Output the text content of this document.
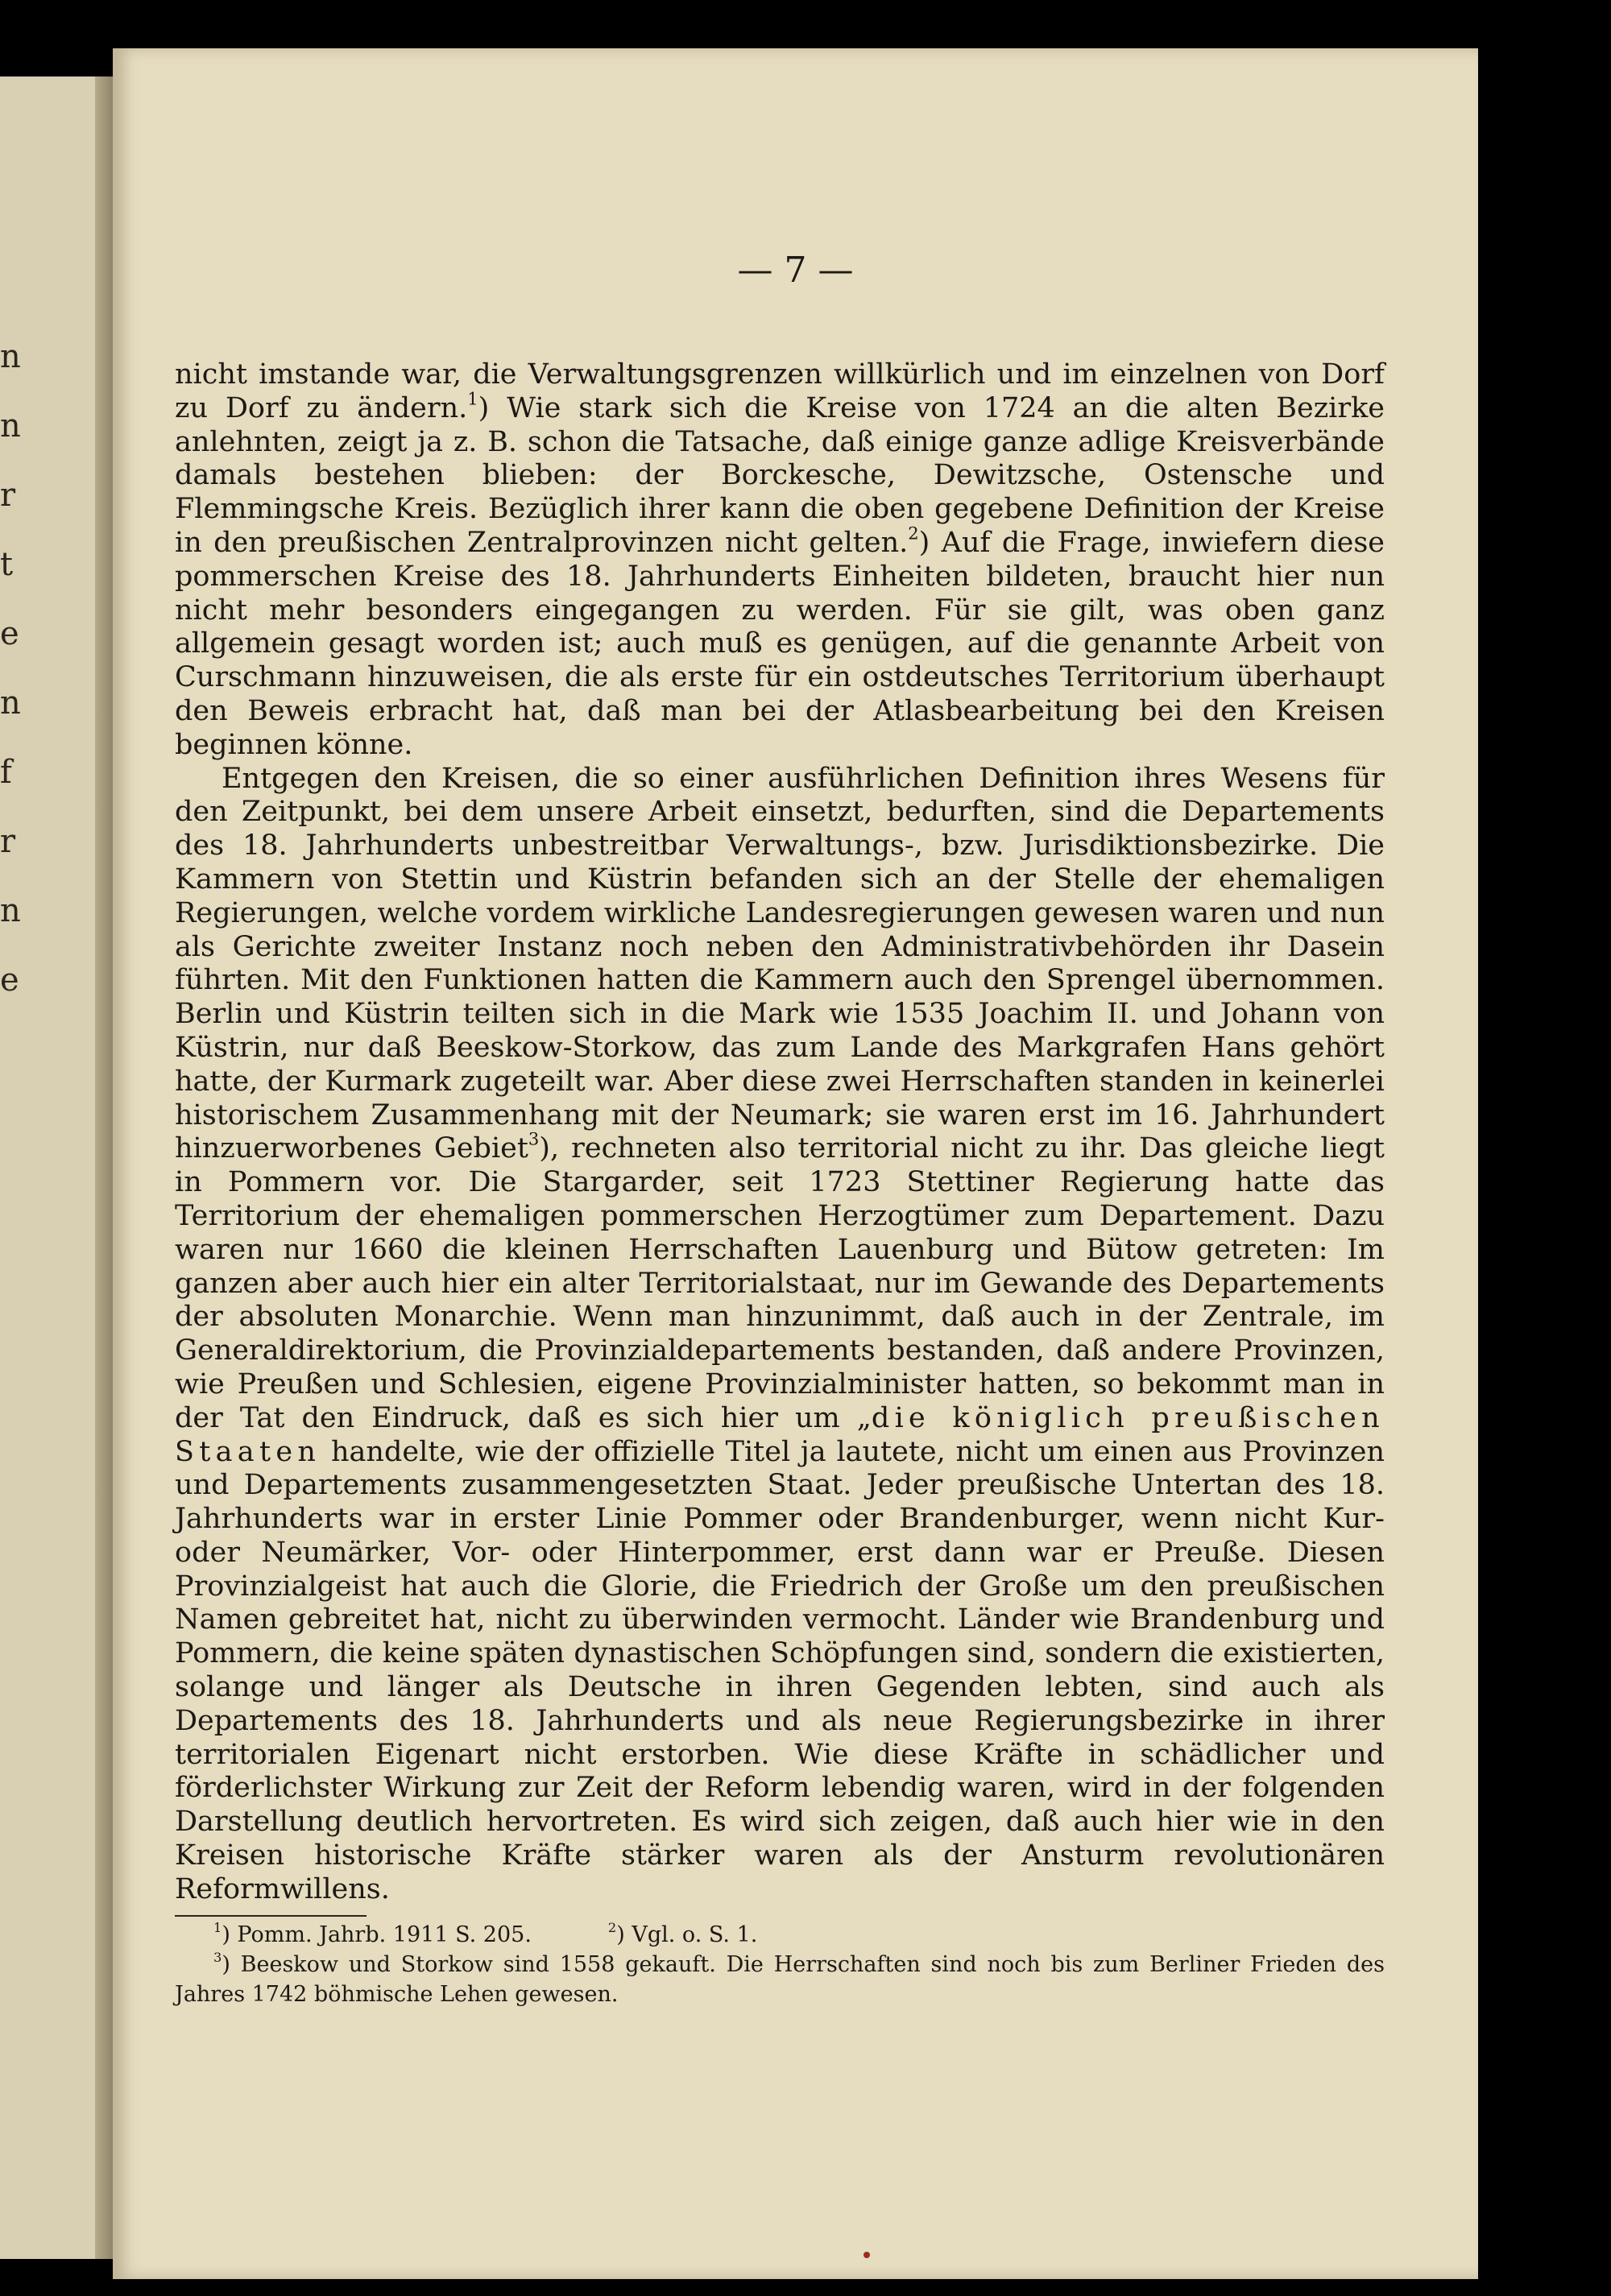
n
n
r
t
e
n
f
r
n
e
— 7 —

nicht imstande war, die Verwaltungsgrenzen willkürlich und im einzelnen von Dorf zu Dorf zu ändern.$^1$) Wie stark sich die Kreise von 1724 an die alten Bezirke anlehnten, zeigt ja z. B. schon die Tatsache, daß einige ganze adlige Kreisverbände damals bestehen blieben: der Borckesche, Dewitzsche, Ostensche und Flemmingsche Kreis. Bezüglich ihrer kann die oben gegebene Definition der Kreise in den preußischen Zentralprovinzen nicht gelten.$^2$) Auf die Frage, inwiefern diese pommerschen Kreise des 18. Jahrhunderts Einheiten bildeten, braucht hier nun nicht mehr besonders eingegangen zu werden. Für sie gilt, was oben ganz allgemein gesagt worden ist; auch muß es genügen, auf die genannte Arbeit von Curschmann hinzuweisen, die als erste für ein ostdeutsches Territorium überhaupt den Beweis erbracht hat, daß man bei der Atlasbearbeitung bei den Kreisen beginnen könne.

Entgegen den Kreisen, die so einer ausführlichen Definition ihres Wesens für den Zeitpunkt, bei dem unsere Arbeit einsetzt, bedurften, sind die Departements des 18. Jahrhunderts unbestreitbar Verwaltungs-, bzw. Jurisdiktionsbezirke. Die Kammern von Stettin und Küstrin befanden sich an der Stelle der ehemaligen Regierungen, welche vordem wirkliche Landesregierungen gewesen waren und nun als Gerichte zweiter Instanz noch neben den Administrativbehörden ihr Dasein führten. Mit den Funktionen hatten die Kammern auch den Sprengel übernommen. Berlin und Küstrin teilten sich in die Mark wie 1535 Joachim II. und Johann von Küstrin, nur daß Beeskow-Storkow, das zum Lande des Markgrafen Hans gehört hatte, der Kurmark zugeteilt war. Aber diese zwei Herrschaften standen in keinerlei historischem Zusammenhang mit der Neumark; sie waren erst im 16. Jahrhundert hinzuerworbenes Gebiet$^3$), rechneten also territorial nicht zu ihr. Das gleiche liegt in Pommern vor. Die Stargarder, seit 1723 Stettiner Regierung hatte das Territorium der ehemaligen pommerschen Herzogtümer zum Departement. Dazu waren nur 1660 die kleinen Herrschaften Lauenburg und Bütow getreten: Im ganzen aber auch hier ein alter Territorialstaat, nur im Gewande des Departements der absoluten Monarchie. Wenn man hinzunimmt, daß auch in der Zentrale, im Generaldirektorium, die Provinzialdepartements bestanden, daß andere Provinzen, wie Preußen und Schlesien, eigene Provinzialminister hatten, so bekommt man in der Tat den Eindruck, daß es sich hier um „die königlich preußischen Staaten handelte, wie der offizielle Titel ja lautete, nicht um einen aus Provinzen und Departements zusammengesetzten Staat. Jeder preußische Untertan des 18. Jahrhunderts war in erster Linie Pommer oder Brandenburger, wenn nicht Kur- oder Neumärker, Vor- oder Hinterpommer, erst dann war er Preuße. Diesen Provinzialgeist hat auch die Glorie, die Friedrich der Große um den preußischen Namen gebreitet hat, nicht zu überwinden vermocht. Länder wie Brandenburg und Pommern, die keine späten dynastischen Schöpfungen sind, sondern die existierten, solange und länger als Deutsche in ihren Gegenden lebten, sind auch als Departements des 18. Jahrhunderts und als neue Regierungsbezirke in ihrer territorialen Eigenart nicht erstorben. Wie diese Kräfte in schädlicher und förderlichster Wirkung zur Zeit der Reform lebendig waren, wird in der folgenden Darstellung deutlich hervortreten. Es wird sich zeigen, daß auch hier wie in den Kreisen historische Kräfte stärker waren als der Ansturm revolutionären Reformwillens.

$^1$) Pomm. Jahrb. 1911 S. 205.	$^2$) Vgl. o. S. 1.

$^3$) Beeskow und Storkow sind 1558 gekauft. Die Herrschaften sind noch bis zum Berliner Frieden des Jahres 1742 böhmische Lehen gewesen.
